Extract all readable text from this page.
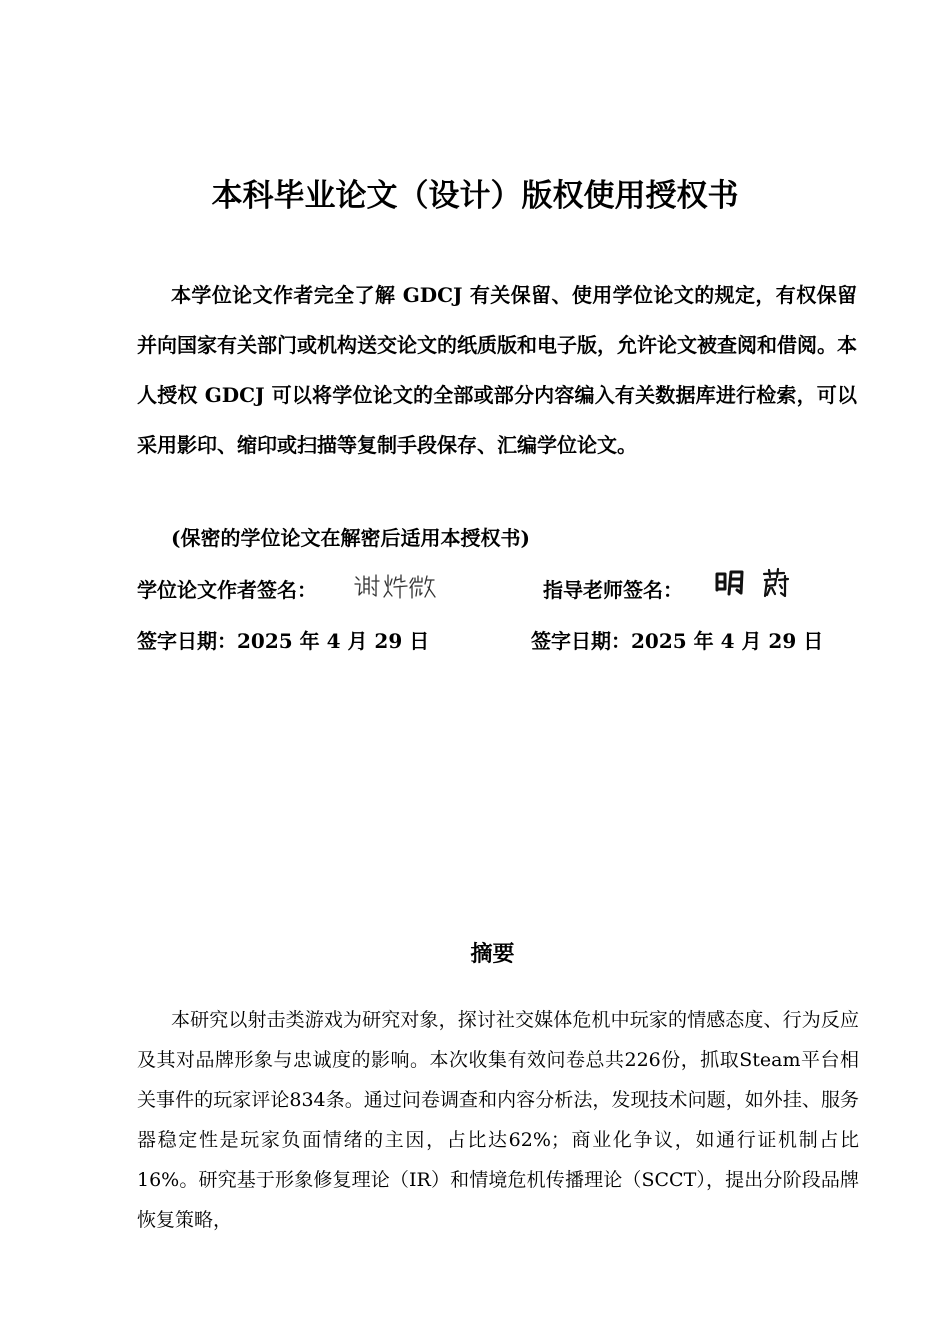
本科毕业论文（设计）版权使用授权书
本学位论文作者完全了解 GDCJ 有关保留、使用学位论文的规定，有权保留并向国家有关部门或机构送交论文的纸质版和电子版，允许论文被查阅和借阅。本人授权 GDCJ 可以将学位论文的全部或部分内容编入有关数据库进行检索，可以采用影印、缩印或扫描等复制手段保存、汇编学位论文。
(保密的学位论文在解密后适用本授权书)
学位论文作者签名：	指导老师签名：
签字日期：2025 年 4 月 29 日	签字日期：2025 年 4 月 29 日
摘要
本研究以射击类游戏为研究对象，探讨社交媒体危机中玩家的情感态度、行为反应及其对品牌形象与忠诚度的影响。本次收集有效问卷总共226份，抓取Steam平台相关事件的玩家评论834条。通过问卷调查和内容分析法，发现技术问题，如外挂、服务器稳定性是玩家负面情绪的主因，占比达62%；商业化争议，如通行证机制占比16%。研究基于形象修复理论（IR）和情境危机传播理论（SCCT），提出分阶段品牌恢复策略，
